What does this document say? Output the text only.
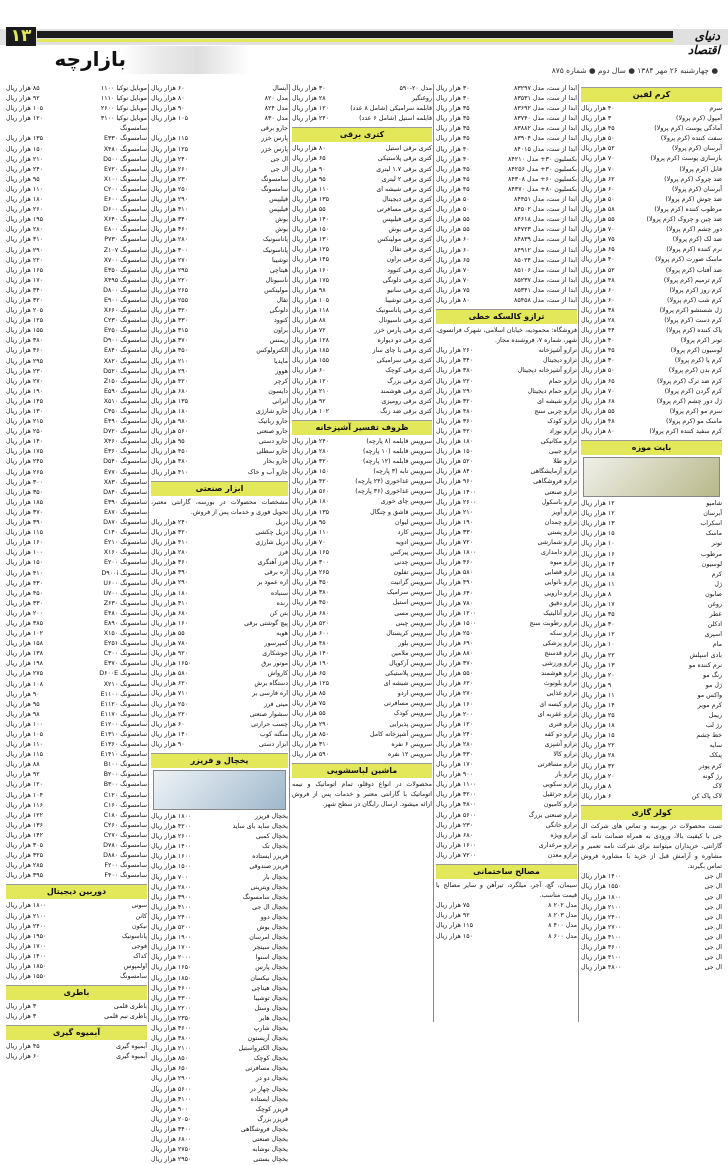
۱۳	دنیای اقتصاد
بازارچه	● چهارشنبه ۲۶ مهر ۱۳۸۴ ● سال دوم ● شماره ۸۷۵
کرم لفین
سرم
۴۰ هزار ریال
آمپول (کرم پرولا)
۳ هزار ریال
آمادگی پوست (کرم پرولا)
۴۵ هزار ریال
سفت کننده (کرم پرولا)
۵۰ هزار ریال
آبرسان (کرم پرولا)
۵۲ هزار ریال
بازسازی پوست (کرم پرولا)
۷۰ هزار ریال
قابل (کرم پرولا)
۷۰ هزار ریال
ضد چروک (کرم پرولا)
۶۲ هزار ریال
آبرسان (کرم پرولا)
۶۰ هزار ریال
ضد جوش (کرم پرولا)
۵۰ هزار ریال
مرطوب کننده (کرم پرولا)
۵۸ هزار ریال
ضد چین و چروک (کرم پرولا)
۵۵ هزار ریال
دور چشم (کرم پرولا)
۷۰ هزار ریال
ضد لک (کرم پرولا)
۷۵ هزار ریال
نرم کننده (کرم پرولا)
۶۵ هزار ریال
ماسک صورت (کرم پرولا)
۴۰ هزار ریال
ضد آفتاب (کرم پرولا)
۵۲ هزار ریال
کرم ترمیم (کرم پرولا)
۴۸ هزار ریال
کرم روز (کرم پرولا)
۶۰ هزار ریال
کرم شب (کرم پرولا)
۶۰ هزار ریال
ژل شستشو (کرم پرولا)
۳۸ هزار ریال
کرم دست (کرم پرولا)
۲۸ هزار ریال
پاک کننده (کرم پرولا)
۴۴ هزار ریال
تونر (کرم پرولا)
۴۰ هزار ریال
لوسیون (کرم پرولا)
۴۵ هزار ریال
کرم پا (کرم پرولا)
۳۰ هزار ریال
کرم بدن (کرم پرولا)
۵۰ هزار ریال
کرم ضد ترک (کرم پرولا)
۶۵ هزار ریال
کرم گردن (کرم پرولا)
۷۰ هزار ریال
ژل دور چشم (کرم پرولا)
۶۸ هزار ریال
سرم مو (کرم پرولا)
۵۵ هزار ریال
ماسک مو (کرم پرولا)
۴۸ هزار ریال
کرم سفید کننده (کرم پرولا)
۸۰ هزار ریال
بایت موزه
شامپو
۱۲ هزار ریال
آبرسان
۱۲ هزار ریال
اسکراب
۱۳ هزار ریال
ماسک
۱۵ هزار ریال
تونر
۱۰ هزار ریال
مرطوب
۱۶ هزار ریال
لوسیون
۱۴ هزار ریال
کرم
۱۸ هزار ریال
ژل
۱۱ هزار ریال
صابون
۸ هزار ریال
روغن
۱۷ هزار ریال
عطر
۳۵ هزار ریال
ادکلن
۳۰ هزار ریال
اسپری
۱۲ هزار ریال
مام
۱۰ هزار ریال
بادی اسپلش
۲۲ هزار ریال
نرم کننده مو
۱۳ هزار ریال
رنگ مو
۲۰ هزار ریال
ژل مو
۹ هزار ریال
واکس مو
۱۱ هزار ریال
کرم موبر
۱۴ هزار ریال
ریمل
۲۵ هزار ریال
رژ لب
۱۸ هزار ریال
خط چشم
۱۵ هزار ریال
سایه
۲۲ هزار ریال
پنکک
۲۸ هزار ریال
کرم پودر
۳۲ هزار ریال
رژ گونه
۲۰ هزار ریال
لاک
۸ هزار ریال
لاک پاک کن
۶ هزار ریال
کولر گازی
تست محصولات در بورسه و تماس های شرکت ال جی با کیفیت بالا، ورودی به همراه ضمانت نامه آی گارانتی. خریداران میتوانند برای شرکت نامه تعمیر و مشاوره و آرامش قبل از خرید با مشاوره فروش تماس بگیرند.
ال جی
۱۴۰۰ هزار ریال
ال جی
۱۵۵۰ هزار ریال
ال جی
۱۸۰۰ هزار ریال
ال جی
۲۱۰۰ هزار ریال
ال جی
۲۴۰۰ هزار ریال
ال جی
۲۷۰۰ هزار ریال
ال جی
۳۱۰۰ هزار ریال
ال جی
۳۶۰۰ هزار ریال
ال جی
۴۱۰۰ هزار ریال
ال جی
۴۸۰۰ هزار ریال
ابدا از ست، مدل ۸۳۲۹۷
۳۰ هزار ریال
ابدا از ست، مدل ۸۳۵۳۱
۳۰ هزار ریال
ابدا از ست، مدل ۸۳۶۹۲
۳۵ هزار ریال
ابدا از ست، مدل ۸۳۷۴۰
۳۵ هزار ریال
ابدا از ست، مدل ۸۳۸۸۲
۳۵ هزار ریال
ابدا از ست، مدل ۸۳۹۰۴
۳۵ هزار ریال
ابدا از ست، مدل ۸۴۰۱۵
۴۰ هزار ریال
بکسلیون ۳۰+ مدل ۸۴۲۱۰
۴۰ هزار ریال
بکسلیون ۳۰+ مدل ۸۴۲۵۶
۴۵ هزار ریال
بکسلیون ۶۰+ مدل ۸۴۳۰۸
۴۵ هزار ریال
بکسلیون ۸۰+ مدل ۸۴۳۷۰
۴۵ هزار ریال
ابدا از ست، مدل ۸۴۴۵۱
۵۰ هزار ریال
ابدا از ست، مدل ۸۴۵۰۲
۵۰ هزار ریال
ابدا از ست، مدل ۸۴۶۱۸
۵۵ هزار ریال
ابدا از ست، مدل ۸۴۷۲۳
۵۵ هزار ریال
ابدا از ست، مدل ۸۴۸۳۹
۶۰ هزار ریال
ابدا از ست، مدل ۸۴۹۱۲
۶۰ هزار ریال
ابدا از ست، مدل ۸۵۰۲۴
۶۵ هزار ریال
ابدا از ست، مدل ۸۵۱۰۶
۷۰ هزار ریال
ابدا از ست، مدل ۸۵۲۳۷
۷۰ هزار ریال
ابدا از ست، مدل ۸۵۳۴۱
۷۵ هزار ریال
ابدا از ست، مدل ۸۵۴۵۸
۸۰ هزار ریال
ترازو کالسکه خطی
فروشگاه: محمودیه، خیابان اسلامی، شهرک فرانسوی، شهر، شماره ۷، فروشنده مجاز.
ترازو آشپزخانه
۲۶۰ هزار ریال
ترازو دیجیتال
۳۴۰ هزار ریال
ترازو آشپزخانه دیجیتال
۳۸۰ هزار ریال
ترازو حمام
۲۲۰ هزار ریال
ترازو حمام دیجیتال
۲۹۰ هزار ریال
ترازو شیشه ای
۳۲۰ هزار ریال
ترازو چربی سنج
۴۸۰ هزار ریال
ترازو کودک
۳۶۰ هزار ریال
ترازو نوزاد
۴۲۰ هزار ریال
ترازو مکانیکی
۱۸۰ هزار ریال
ترازو جیبی
۱۵۰ هزار ریال
ترازو طلا
۵۲۰ هزار ریال
ترازو آزمایشگاهی
۸۴۰ هزار ریال
ترازو فروشگاهی
۹۶۰ هزار ریال
ترازو صنعتی
۱۴۰۰ هزار ریال
ترازو باسکول
۲۶۰۰ هزار ریال
ترازو آویز
۲۱۰ هزار ریال
ترازو چمدان
۱۹۰ هزار ریال
ترازو پستی
۳۳۰ هزار ریال
ترازو شمارشی
۷۲۰ هزار ریال
ترازو دامداری
۱۸۰۰ هزار ریال
ترازو میوه
۴۶۰ هزار ریال
ترازو قصابی
۵۸۰ هزار ریال
ترازو نانوایی
۴۹۰ هزار ریال
ترازو دارویی
۶۴۰ هزار ریال
ترازو دقیق
۷۸۰ هزار ریال
ترازو آنالیتیک
۱۲۰۰ هزار ریال
ترازو رطوبت سنج
۱۵۰۰ هزار ریال
ترازو سکه
۲۵۰ هزار ریال
ترازو پزشکی
۶۹۰ هزار ریال
ترازو قدسنج
۸۸۰ هزار ریال
ترازو ورزشی
۳۷۰ هزار ریال
ترازو هوشمند
۵۵۰ هزار ریال
ترازو بلوتوث
۶۲۰ هزار ریال
ترازو غذایی
۲۷۰ هزار ریال
ترازو کیسه ای
۱۶۰ هزار ریال
ترازو عقربه ای
۲۰۰ هزار ریال
ترازو فنری
۱۲۰ هزار ریال
ترازو دو کفه
۲۴۰ هزار ریال
ترازو آشپزی
۲۸۰ هزار ریال
ترازو کالا
۴۳۰ هزار ریال
ترازو مسافرتی
۱۷۰ هزار ریال
ترازو بار
۹۰۰ هزار ریال
ترازو سکویی
۱۱۰۰ هزار ریال
ترازو جرثقیل
۳۲۰۰ هزار ریال
ترازو کامیون
۴۸۰۰ هزار ریال
ترازو صنعتی بزرگ
۵۶۰۰ هزار ریال
ترازو خانگی
۲۳۰ هزار ریال
ترازو ویژه
۶۸۰ هزار ریال
ترازو مرغداری
۱۶۰۰ هزار ریال
ترازو معدن
۷۲۰۰ هزار ریال
مصالح ساختمانی
سیمان، گچ، آجر، میلگرد، تیرآهن و سایر مصالح با قیمت مناسب.
مدل ۲۰۲ ۸
۷۵ هزار ریال
مدل ۲۰۳ ۸
۹۲ هزار ریال
مدل ۴۰۰ ۸
۱۱۵ هزار ریال
مدل ۶۰۰ ۸
۱۵۰ هزار ریال
مدل ۲۰-۵۹۰
۳۰ هزار ریال
روغنگیر
۲۸ هزار ریال
قابلمه سرامیکی (شامل ۸ عدد)
۱۲۰ هزار ریال
قابلمه استیل (شامل ۶ عدد)
۲۴۰ هزار ریال
کتری برقی
کتری برقی استیل
۸۰ هزار ریال
کتری برقی پلاستیکی
۶۵ هزار ریال
کتری برقی ۱.۷ لیتری
۹۰ هزار ریال
کتری برقی ۲ لیتری
۹۵ هزار ریال
کتری برقی شیشه ای
۱۱۰ هزار ریال
کتری برقی دیجیتال
۱۳۵ هزار ریال
کتری برقی مسافرتی
۵۵ هزار ریال
کتری برقی فیلیپس
۱۴۰ هزار ریال
کتری برقی بوش
۱۵۰ هزار ریال
کتری برقی مولینکس
۱۳۰ هزار ریال
کتری برقی تفال
۱۲۵ هزار ریال
کتری برقی براون
۱۴۵ هزار ریال
کتری برقی کنوود
۱۶۰ هزار ریال
کتری برقی دلونگی
۱۷۵ هزار ریال
کتری برقی سانیو
۹۸ هزار ریال
کتری برقی توشیبا
۱۰۵ هزار ریال
کتری برقی پاناسونیک
۱۱۸ هزار ریال
کتری برقی ناسیونال
۸۸ هزار ریال
کتری برقی پارس خزر
۷۲ هزار ریال
کتری برقی دو دیواره
۱۲۸ هزار ریال
کتری برقی با چای ساز
۱۸۵ هزار ریال
کتری برقی سرامیکی
۱۵۵ هزار ریال
کتری برقی کوچک
۶۰ هزار ریال
کتری برقی بزرگ
۱۲۰ هزار ریال
کتری برقی هوشمند
۲۱۰ هزار ریال
کتری برقی رومیزی
۹۲ هزار ریال
کتری برقی ضد زنگ
۱۰۲ هزار ریال
ظروف تفسیر آشپزخانه
سرویس قابلمه (۸ پارچه)
۲۴۰ هزار ریال
سرویس قابلمه (۱۰ پارچه)
۲۸۰ هزار ریال
سرویس قابلمه (۱۲ پارچه)
۳۲۰ هزار ریال
سرویس تابه (۳ پارچه)
۱۵۰ هزار ریال
سرویس غذاخوری (۲۴ پارچه)
۴۲۰ هزار ریال
سرویس غذاخوری (۳۶ پارچه)
۵۶۰ هزار ریال
سرویس چای خوری
۱۸۰ هزار ریال
سرویس قاشق و چنگال
۱۳۵ هزار ریال
سرویس لیوان
۹۵ هزار ریال
سرویس کارد
۱۱۰ هزار ریال
سرویس ادویه
۷۰ هزار ریال
سرویس پیرکس
۱۶۵ هزار ریال
سرویس چدنی
۳۰۰ هزار ریال
سرویس تفلون
۲۶۵ هزار ریال
سرویس گرانیت
۳۵۰ هزار ریال
سرویس سرامیک
۳۸۰ هزار ریال
سرویس استیل
۴۵۰ هزار ریال
سرویس مسی
۶۸۰ هزار ریال
سرویس چینی
۵۲۰ هزار ریال
سرویس کریستال
۶۰۰ هزار ریال
سرویس بلور
۴۸۰ هزار ریال
سرویس ملامین
۱۴۰ هزار ریال
سرویس آرکوپال
۱۹۰ هزار ریال
سرویس پلاستیکی
۶۵ هزار ریال
سرویس شیشه ای
۱۲۵ هزار ریال
سرویس اردو
۸۵ هزار ریال
سرویس مسافرتی
۷۵ هزار ریال
سرویس کودک
۵۵ هزار ریال
سرویس پذیرایی
۲۹۰ هزار ریال
سرویس آشپزخانه کامل
۸۵۰ هزار ریال
سرویس ۶ نفره
۳۱۰ هزار ریال
سرویس ۱۲ نفره
۵۹۰ هزار ریال
ماشین لباسشویی
محصولات در انواع دوقلو، تمام اتوماتیک و نیمه اتوماتیک با گارانتی معتبر و خدمات پس از فروش ارائه میشود. ارسال رایگان در سطح شهر.
آبسال
۶۰ هزار ریال
مدل ۸۲۰
۸۰ هزار ریال
مدل ۸۲۴
۹۰ هزار ریال
مدل ۸۳۰
۱۰۵ هزار ریال
جارو برقی
پارس خزر
۱۱۵ هزار ریال
پارس خزر
۱۲۵ هزار ریال
ال جی
۲۴۰ هزار ریال
ال جی
۲۶۰ هزار ریال
سامسونگ
۲۳۰ هزار ریال
سامسونگ
۲۵۰ هزار ریال
فیلیپس
۲۹۰ هزار ریال
فیلیپس
۳۱۰ هزار ریال
بوش
۳۴۰ هزار ریال
بوش
۳۶۰ هزار ریال
پاناسونیک
۲۸۰ هزار ریال
پاناسونیک
۳۰۰ هزار ریال
توشیبا
۲۷۰ هزار ریال
هیتاچی
۲۹۵ هزار ریال
ناسیونال
۲۲۰ هزار ریال
مولینکس
۲۶۵ هزار ریال
تفال
۲۵۵ هزار ریال
دلونگی
۳۲۰ هزار ریال
کنوود
۳۳۰ هزار ریال
براون
۳۱۵ هزار ریال
زیمنس
۳۷۰ هزار ریال
الکترولوکس
۳۵۰ هزار ریال
مایدیا
۲۱۰ هزار ریال
هوور
۲۹۰ هزار ریال
کرچر
۴۲۰ هزار ریال
دایسون
۶۸۰ هزار ریال
ایرانی
۱۳۵ هزار ریال
جارو شارژی
۱۸۰ هزار ریال
جارو رباتیک
۹۸۰ هزار ریال
جارو صنعتی
۵۶۰ هزار ریال
جارو دستی
۹۵ هزار ریال
جارو سطلی
۴۵۰ هزار ریال
جارو بخار
۳۸۰ هزار ریال
جارو آب و خاک
۴۱۰ هزار ریال
ابزار صنعتی
مشخصات محصولات در بورسه، گارانتی معتبر، تحویل فوری و خدمات پس از فروش.
دریل
۲۴۰ هزار ریال
دریل چکشی
۳۲۰ هزار ریال
دریل شارژی
۴۱۰ هزار ریال
فرز
۲۸۰ هزار ریال
فرز آهنگری
۳۶۰ هزار ریال
اره برقی
۳۹۰ هزار ریال
اره عمود بر
۲۹۰ هزار ریال
سنباده
۱۸۰ هزار ریال
رنده
۳۱۰ هزار ریال
بتن کن
۶۸۰ هزار ریال
پیچ گوشتی برقی
۱۶۰ هزار ریال
هویه
۵۵ هزار ریال
کمپرسور
۷۸۰ هزار ریال
جوشکاری
۹۲۰ هزار ریال
موتور برق
۱۶۵۰ هزار ریال
کارواش
۵۸۰ هزار ریال
دستگاه برش
۶۲۰ هزار ریال
اره فارسی بر
۷۱۰ هزار ریال
مینی فرز
۲۵۰ هزار ریال
سشوار صنعتی
۲۲۰ هزار ریال
چسب حرارتی
۶۰ هزار ریال
منگنه کوب
۱۴۰ هزار ریال
ابزار دستی
۹۰ هزار ریال
یخچال و فریزر
یخچال فریزر
۱۸۰۰ هزار ریال
یخچال ساید بای ساید
۴۲۰۰ هزار ریال
یخچال کمبی
۲۶۰۰ هزار ریال
یخچال تک
۱۴۰۰ هزار ریال
فریزر ایستاده
۱۶۰۰ هزار ریال
فریزر صندوقی
۱۵۰۰ هزار ریال
یخچال بار
۷۰۰ هزار ریال
یخچال ویترینی
۲۸۰۰ هزار ریال
یخچال سامسونگ
۳۹۰۰ هزار ریال
یخچال ال جی
۴۱۰۰ هزار ریال
یخچال دوو
۲۴۰۰ هزار ریال
یخچال بوش
۵۲۰۰ هزار ریال
یخچال امرسان
۱۹۰۰ هزار ریال
یخچال سینجر
۱۷۰۰ هزار ریال
یخچال اسنوا
۲۰۰۰ هزار ریال
یخچال پارس
۱۶۵۰ هزار ریال
یخچال نیکسان
۱۸۵۰ هزار ریال
یخچال هیتاچی
۴۶۰۰ هزار ریال
یخچال توشیبا
۴۳۰۰ هزار ریال
یخچال وستل
۲۲۰۰ هزار ریال
یخچال هایر
۲۳۵۰ هزار ریال
یخچال شارپ
۳۶۰۰ هزار ریال
یخچال آریستون
۳۸۰۰ هزار ریال
یخچال الکترواستیل
۲۱۰۰ هزار ریال
یخچال کوچک
۸۵۰ هزار ریال
یخچال مسافرتی
۶۵۰ هزار ریال
یخچال دو در
۲۹۰۰ هزار ریال
یخچال چهار در
۵۶۰۰ هزار ریال
یخچال ایستاده
۳۱۰۰ هزار ریال
فریزر کوچک
۹۰۰ هزار ریال
فریزر بزرگ
۲۰۵۰ هزار ریال
یخچال فروشگاهی
۳۴۰۰ هزار ریال
یخچال صنعتی
۶۸۰۰ هزار ریال
یخچال نوشابه
۲۷۵۰ هزار ریال
یخچال بستنی
۲۹۵۰ هزار ریال
موبایل نوکیا ۱۱۰۰
۸۵ هزار ریال
موبایل نوکیا ۱۱۱۰
۹۲ هزار ریال
موبایل نوکیا ۲۶۰۰
۱۰۵ هزار ریال
موبایل نوکیا ۳۱۰۰
۱۲۰ هزار ریال
سامسونگ
سامسونگ E۳۳۰
۱۳۵ هزار ریال
سامسونگ X۴۸۰
۱۵۰ هزار ریال
سامسونگ D۵۰۰
۲۱۰ هزار ریال
سامسونگ E۷۲۰
۲۴۰ هزار ریال
سامسونگ X۱۰۰
۹۵ هزار ریال
سامسونگ C۲۰۰
۱۱۰ هزار ریال
سامسونگ E۶۰۰
۱۸۰ هزار ریال
سامسونگ D۶۰۰
۲۶۰ هزار ریال
سامسونگ X۶۴۰
۱۹۵ هزار ریال
سامسونگ E۸۰۰
۲۸۰ هزار ریال
سامسونگ P۷۳۰
۳۱۰ هزار ریال
سامسونگ Z۱۰۷
۲۹۰ هزار ریال
سامسونگ X۷۰۰
۲۲۰ هزار ریال
سامسونگ E۳۵۰
۱۶۵ هزار ریال
سامسونگ X۴۹۵
۱۷۰ هزار ریال
سامسونگ D۸۰۰
۳۴۰ هزار ریال
سامسونگ E۹۰۰
۳۲۰ هزار ریال
سامسونگ X۶۶۰
۲۰۵ هزار ریال
سامسونگ C۲۳۰
۱۲۵ هزار ریال
سامسونگ E۲۵۰
۱۵۵ هزار ریال
سامسونگ D۹۰۰
۳۸۰ هزار ریال
سامسونگ E۸۴۰
۳۶۰ هزار ریال
سامسونگ X۸۲۰
۲۹۵ هزار ریال
سامسونگ D۵۲۰
۲۳۰ هزار ریال
سامسونگ Z۱۵۰
۲۷۰ هزار ریال
سامسونگ E۵۹۰
۱۹۰ هزار ریال
سامسونگ X۵۱۰
۱۴۵ هزار ریال
سامسونگ C۴۵۰
۱۳۰ هزار ریال
سامسونگ E۴۹۰
۲۱۵ هزار ریال
سامسونگ D۷۲۰
۲۵۰ هزار ریال
سامسونگ X۴۶۰
۱۴۰ هزار ریال
سامسونگ E۳۶۰
۱۷۵ هزار ریال
سامسونگ D۵۴۰
۲۴۵ هزار ریال
سامسونگ E۷۷۰
۲۶۵ هزار ریال
سامسونگ X۸۳۰
۳۰۰ هزار ریال
سامسونگ D۸۴۰
۳۵۰ هزار ریال
سامسونگ E۳۹۰
۱۸۵ هزار ریال
سامسونگ E۸۷۰
۳۷۰ هزار ریال
سامسونگ D۸۷۰
۳۹۰ هزار ریال
سامسونگ C۱۴۰
۱۱۵ هزار ریال
سامسونگ E۲۱۰
۱۶۰ هزار ریال
سامسونگ X۱۶۰
۱۰۰ هزار ریال
سامسونگ E۲۰۰
۱۵۰ هزار ریال
سامسونگ D۹۰۰i
۴۱۰ هزار ریال
سامسونگ U۶۰۰
۴۳۰ هزار ریال
سامسونگ U۷۰۰
۴۵۰ هزار ریال
سامسونگ Z۶۳۰
۳۳۰ هزار ریال
سامسونگ E۴۸۰
۲۰۰ هزار ریال
سامسونگ E۸۹۰
۳۸۵ هزار ریال
سامسونگ X۱۵۰
۱۰۲ هزار ریال
سامسونگ E۲۵۱
۱۵۸ هزار ریال
سامسونگ C۳۰۰
۱۳۸ هزار ریال
سامسونگ E۳۷۰
۱۹۸ هزار ریال
سامسونگ D۶۰۰E
۲۷۵ هزار ریال
سامسونگ X۲۱۰
۱۰۸ هزار ریال
سامسونگ E۱۱۰۰
۹۰ هزار ریال
سامسونگ E۱۱۲۰
۹۵ هزار ریال
سامسونگ E۱۱۷۰
۹۸ هزار ریال
سامسونگ E۱۲۰۰
۱۰۰ هزار ریال
سامسونگ E۱۳۱۰
۱۰۵ هزار ریال
سامسونگ E۱۳۶۰
۱۱۰ هزار ریال
سامسونگ E۱۴۱۰
۱۱۵ هزار ریال
سامسونگ B۱۰۰
۸۸ هزار ریال
سامسونگ B۲۰۰
۹۲ هزار ریال
سامسونگ B۳۰۰
۱۲۰ هزار ریال
سامسونگ C۱۲۰
۱۰۴ هزار ریال
سامسونگ C۱۶۰
۱۱۶ هزار ریال
سامسونگ C۱۸۰
۱۲۲ هزار ریال
سامسونگ C۲۶۰
۱۳۶ هزار ریال
سامسونگ C۲۷۰
۱۴۲ هزار ریال
سامسونگ D۷۸۰
۳۰۵ هزار ریال
سامسونگ D۸۸۰
۳۲۵ هزار ریال
سامسونگ F۲۰۰
۲۸۵ هزار ریال
سامسونگ F۴۰۰
۳۹۵ هزار ریال
دوربین دیجیتال
سونی
۱۸۰۰ هزار ریال
کانن
۲۱۰۰ هزار ریال
نیکون
۲۴۰۰ هزار ریال
پاناسونیک
۱۹۵۰ هزار ریال
فوجی
۱۷۰۰ هزار ریال
کداک
۱۴۰۰ هزار ریال
اولمپوس
۱۸۵۰ هزار ریال
سامسونگ
۱۵۵۰ هزار ریال
باطری
باطری قلمی
۳ هزار ریال
باطری نیم قلمی
۳ هزار ریال
آبمیوه گیری
آبمیوه گیری
۴۵ هزار ریال
آبمیوه گیری
۶۰ هزار ریال
